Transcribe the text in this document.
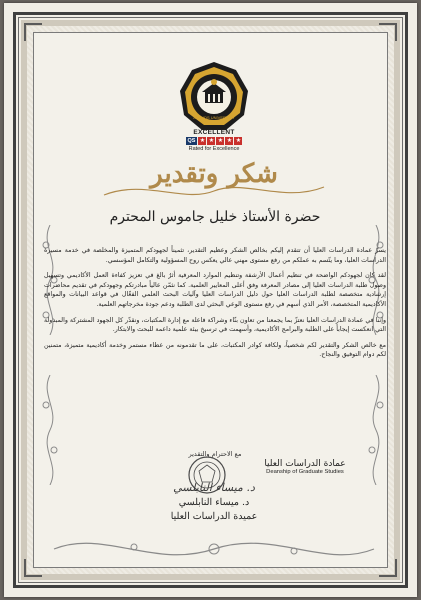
ALQUDS UNIVERSITY
EXCELLENT
QS ★ ★ ★ ★ ★
Rated for Excellence
شكر وتقدير
حضرة الأستاذ خليل جاموس المحترم

يسرّ عمادة الدراسات العليا أن تتقدم إليكم بخالص الشكر وعظيم التقدير، تثميناً لجهودكم المتميزة والمخلصة في خدمة مسيرة الدراسات العليا، وما يتّسم به عملكم من رفع مستوى مهني عالي يعكس روح المسؤولية والتكامل المؤسسي.

لقد كان لجهودكم الواضحة في تنظيم أعمال الأرشفة وتنظيم الموارد المعرفية أثرٌ بالغ في تعزيز كفاءة العمل الأكاديمي وتسهيل وصول طلبة الدراسات العليا إلى مصادر المعرفة وفق أعلى المعايير العلمية. كما نثمّن عالياً مبادرتكم وجهودكم في تقديم محاضرات إرشادية متخصصة لطلبة الدراسات العليا حول دليل الدراسات العليا وآليات البحث العلمي الفعّال في قواعد البيانات والمواقع الأكاديمية المتخصصة، الأمر الذي أسهم في رفع مستوى الوعي البحثي لدى الطلبة ودعم جودة مخرجاتهم العلمية.

وإننا في عمادة الدراسات العليا نعتزّ بما يجمعنا من تعاون بنّاء وشراكة فاعلة مع إدارة المكتبات، ونقدّر كل الجهود المشتركة والمبذولة التي انعكست إيجاباً على الطلبة والبرامج الأكاديمية، وأسهمت في ترسيخ بيئة علمية داعمة للبحث والابتكار.

مع خالص الشكر والتقدير لكم شخصياً، ولكافة كوادر المكتبات، على ما تقدمونه من عطاء مستمر وخدمة أكاديمية متميزة، متمنين لكم دوام التوفيق والنجاح.

مع الاحترام والتقدير
عمادة الدراسات العليا
Deanship of Graduate Studies
د. ميساء النابلسي
د. ميساء النابلسي
عميدة الدراسات العليا
